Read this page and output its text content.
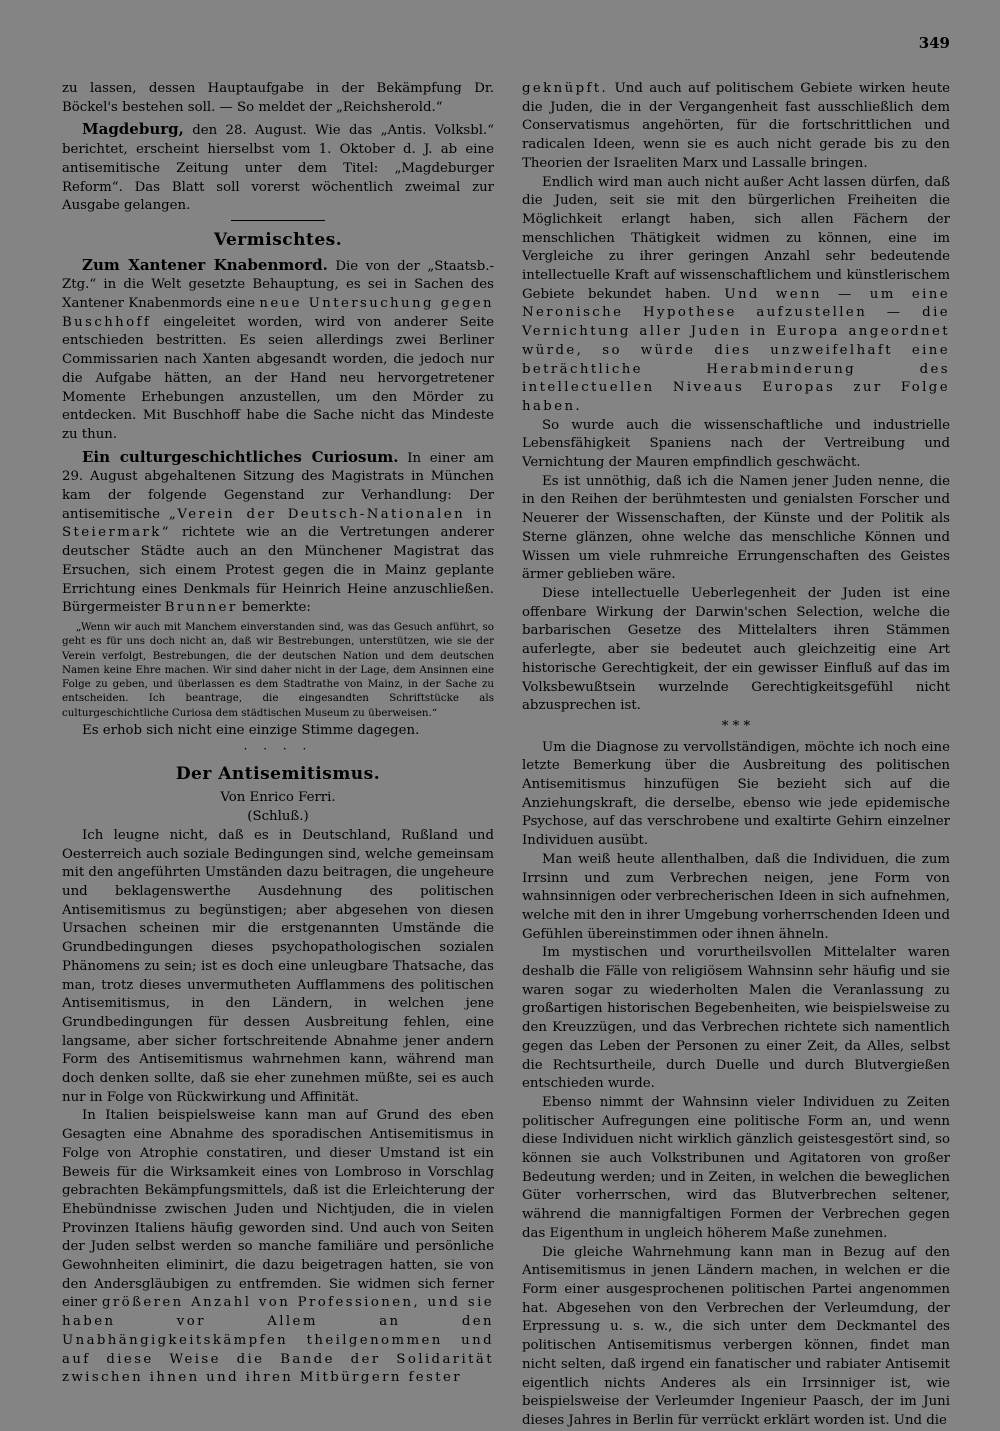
349

zu lassen, dessen Hauptaufgabe in der Bekämpfung Dr. Böckel's bestehen soll. — So meldet der „Reichsherold.“

Magdeburg, den 28. August. Wie das „Antis. Volksbl.“ berichtet, erscheint hierselbst vom 1. Oktober d. J. ab eine antisemitische Zeitung unter dem Titel: „Magdeburger Reform“. Das Blatt soll vorerst wöchentlich zweimal zur Ausgabe gelangen.

Vermischtes.

Zum Xantener Knabenmord. Die von der „Staatsb.-Ztg.“ in die Welt gesetzte Behauptung, es sei in Sachen des Xantener Knabenmords eine neue Untersuchung gegen Buschhoff eingeleitet worden, wird von anderer Seite entschieden bestritten. Es seien allerdings zwei Berliner Commissarien nach Xanten abgesandt worden, die jedoch nur die Aufgabe hätten, an der Hand neu hervorgetretener Momente Erhebungen anzustellen, um den Mörder zu entdecken. Mit Buschhoff habe die Sache nicht das Mindeste zu thun.

Ein culturgeschichtliches Curiosum. In einer am 29. August abgehaltenen Sitzung des Magistrats in München kam der folgende Gegenstand zur Verhandlung: Der antisemitische „Verein der Deutsch-Nationalen in Steiermark“ richtete wie an die Vertretungen anderer deutscher Städte auch an den Münchener Magistrat das Ersuchen, sich einem Protest gegen die in Mainz geplante Errichtung eines Denkmals für Heinrich Heine anzuschließen. Bürgermeister Brunner bemerkte:

„Wenn wir auch mit Manchem einverstanden sind, was das Gesuch anführt, so geht es für uns doch nicht an, daß wir Bestrebungen, unterstützen, wie sie der Verein verfolgt, Bestrebungen, die der deutschen Nation und dem deutschen Namen keine Ehre machen. Wir sind daher nicht in der Lage, dem Ansinnen eine Folge zu geben, und überlassen es dem Stadtrathe von Mainz, in der Sache zu entscheiden. Ich beantrage, die eingesandten Schriftstücke als culturgeschichtliche Curiosa dem städtischen Museum zu überweisen.“

Es erhob sich nicht eine einzige Stimme dagegen.

· · · ·
Der Antisemitismus.
Von Enrico Ferri.
(Schluß.)

Ich leugne nicht, daß es in Deutschland, Rußland und Oesterreich auch soziale Bedingungen sind, welche gemeinsam mit den angeführten Umständen dazu beitragen, die ungeheure und beklagenswerthe Ausdehnung des politischen Antisemitismus zu begünstigen; aber abgesehen von diesen Ursachen scheinen mir die erstgenannten Umstände die Grundbedingungen dieses psychopathologischen sozialen Phänomens zu sein; ist es doch eine unleugbare Thatsache, das man, trotz dieses unvermutheten Aufflammens des politischen Antisemitismus, in den Ländern, in welchen jene Grundbedingungen für dessen Ausbreitung fehlen, eine langsame, aber sicher fortschreitende Abnahme jener andern Form des Antisemitismus wahrnehmen kann, während man doch denken sollte, daß sie eher zunehmen müßte, sei es auch nur in Folge von Rückwirkung und Affinität.

In Italien beispielsweise kann man auf Grund des eben Gesagten eine Abnahme des sporadischen Antisemitismus in Folge von Atrophie constatiren, und dieser Umstand ist ein Beweis für die Wirksamkeit eines von Lombroso in Vorschlag gebrachten Bekämpfungsmittels, daß ist die Erleichterung der Ehebündnisse zwischen Juden und Nichtjuden, die in vielen Provinzen Italiens häufig geworden sind. Und auch von Seiten der Juden selbst werden so manche familiäre und persönliche Gewohnheiten eliminirt, die dazu beigetragen hatten, sie von den Andersgläubigen zu entfremden. Sie widmen sich ferner einer größeren Anzahl von Professionen, und sie haben vor Allem an den Unabhängigkeitskämpfen theilgenommen und auf diese Weise die Bande der Solidarität zwischen ihnen und ihren Mitbürgern fester

geknüpft. Und auch auf politischem Gebiete wirken heute die Juden, die in der Vergangenheit fast ausschließlich dem Conservatismus angehörten, für die fortschrittlichen und radicalen Ideen, wenn sie es auch nicht gerade bis zu den Theorien der Israeliten Marx und Lassalle bringen.

Endlich wird man auch nicht außer Acht lassen dürfen, daß die Juden, seit sie mit den bürgerlichen Freiheiten die Möglichkeit erlangt haben, sich allen Fächern der menschlichen Thätigkeit widmen zu können, eine im Vergleiche zu ihrer geringen Anzahl sehr bedeutende intellectuelle Kraft auf wissenschaftlichem und künstlerischem Gebiete bekundet haben. Und wenn — um eine Neronische Hypothese aufzustellen — die Vernichtung aller Juden in Europa angeordnet würde, so würde dies unzweifelhaft eine beträchtliche Herabminderung des intellectuellen Niveaus Europas zur Folge haben.

So wurde auch die wissenschaftliche und industrielle Lebensfähigkeit Spaniens nach der Vertreibung und Vernichtung der Mauren empfindlich geschwächt.

Es ist unnöthig, daß ich die Namen jener Juden nenne, die in den Reihen der berühmtesten und genialsten Forscher und Neuerer der Wissenschaften, der Künste und der Politik als Sterne glänzen, ohne welche das menschliche Können und Wissen um viele ruhmreiche Errungenschaften des Geistes ärmer geblieben wäre.

Diese intellectuelle Ueberlegenheit der Juden ist eine offenbare Wirkung der Darwin'schen Selection, welche die barbarischen Gesetze des Mittelalters ihren Stämmen auferlegte, aber sie bedeutet auch gleichzeitig eine Art historische Gerechtigkeit, der ein gewisser Einfluß auf das im Volksbewußtsein wurzelnde Gerechtigkeitsgefühl nicht abzusprechen ist.

* * *

Um die Diagnose zu vervollständigen, möchte ich noch eine letzte Bemerkung über die Ausbreitung des politischen Antisemitismus hinzufügen Sie bezieht sich auf die Anziehungskraft, die derselbe, ebenso wie jede epidemische Psychose, auf das verschrobene und exaltirte Gehirn einzelner Individuen ausübt.

Man weiß heute allenthalben, daß die Individuen, die zum Irrsinn und zum Verbrechen neigen, jene Form von wahnsinnigen oder verbrecherischen Ideen in sich aufnehmen, welche mit den in ihrer Umgebung vorherrschenden Ideen und Gefühlen übereinstimmen oder ihnen ähneln.

Im mystischen und vorurtheilsvollen Mittelalter waren deshalb die Fälle von religiösem Wahnsinn sehr häufig und sie waren sogar zu wiederholten Malen die Veranlassung zu großartigen historischen Begebenheiten, wie beispielsweise zu den Kreuzzügen, und das Verbrechen richtete sich namentlich gegen das Leben der Personen zu einer Zeit, da Alles, selbst die Rechtsurtheile, durch Duelle und durch Blutvergießen entschieden wurde.

Ebenso nimmt der Wahnsinn vieler Individuen zu Zeiten politischer Aufregungen eine politische Form an, und wenn diese Individuen nicht wirklich gänzlich geistesgestört sind, so können sie auch Volkstribunen und Agitatoren von großer Bedeutung werden; und in Zeiten, in welchen die beweglichen Güter vorherrschen, wird das Blutverbrechen seltener, während die mannigfaltigen Formen der Verbrechen gegen das Eigenthum in ungleich höherem Maße zunehmen.

Die gleiche Wahrnehmung kann man in Bezug auf den Antisemitismus in jenen Ländern machen, in welchen er die Form einer ausgesprochenen politischen Partei angenommen hat. Abgesehen von den Verbrechen der Verleumdung, der Erpressung u. s. w., die sich unter dem Deckmantel des politischen Antisemitismus verbergen können, findet man nicht selten, daß irgend ein fanatischer und rabiater Antisemit eigentlich nichts Anderes als ein Irrsinniger ist, wie beispielsweise der Verleumder Ingenieur Paasch, der im Juni dieses Jahres in Berlin für verrückt erklärt worden ist. Und die
